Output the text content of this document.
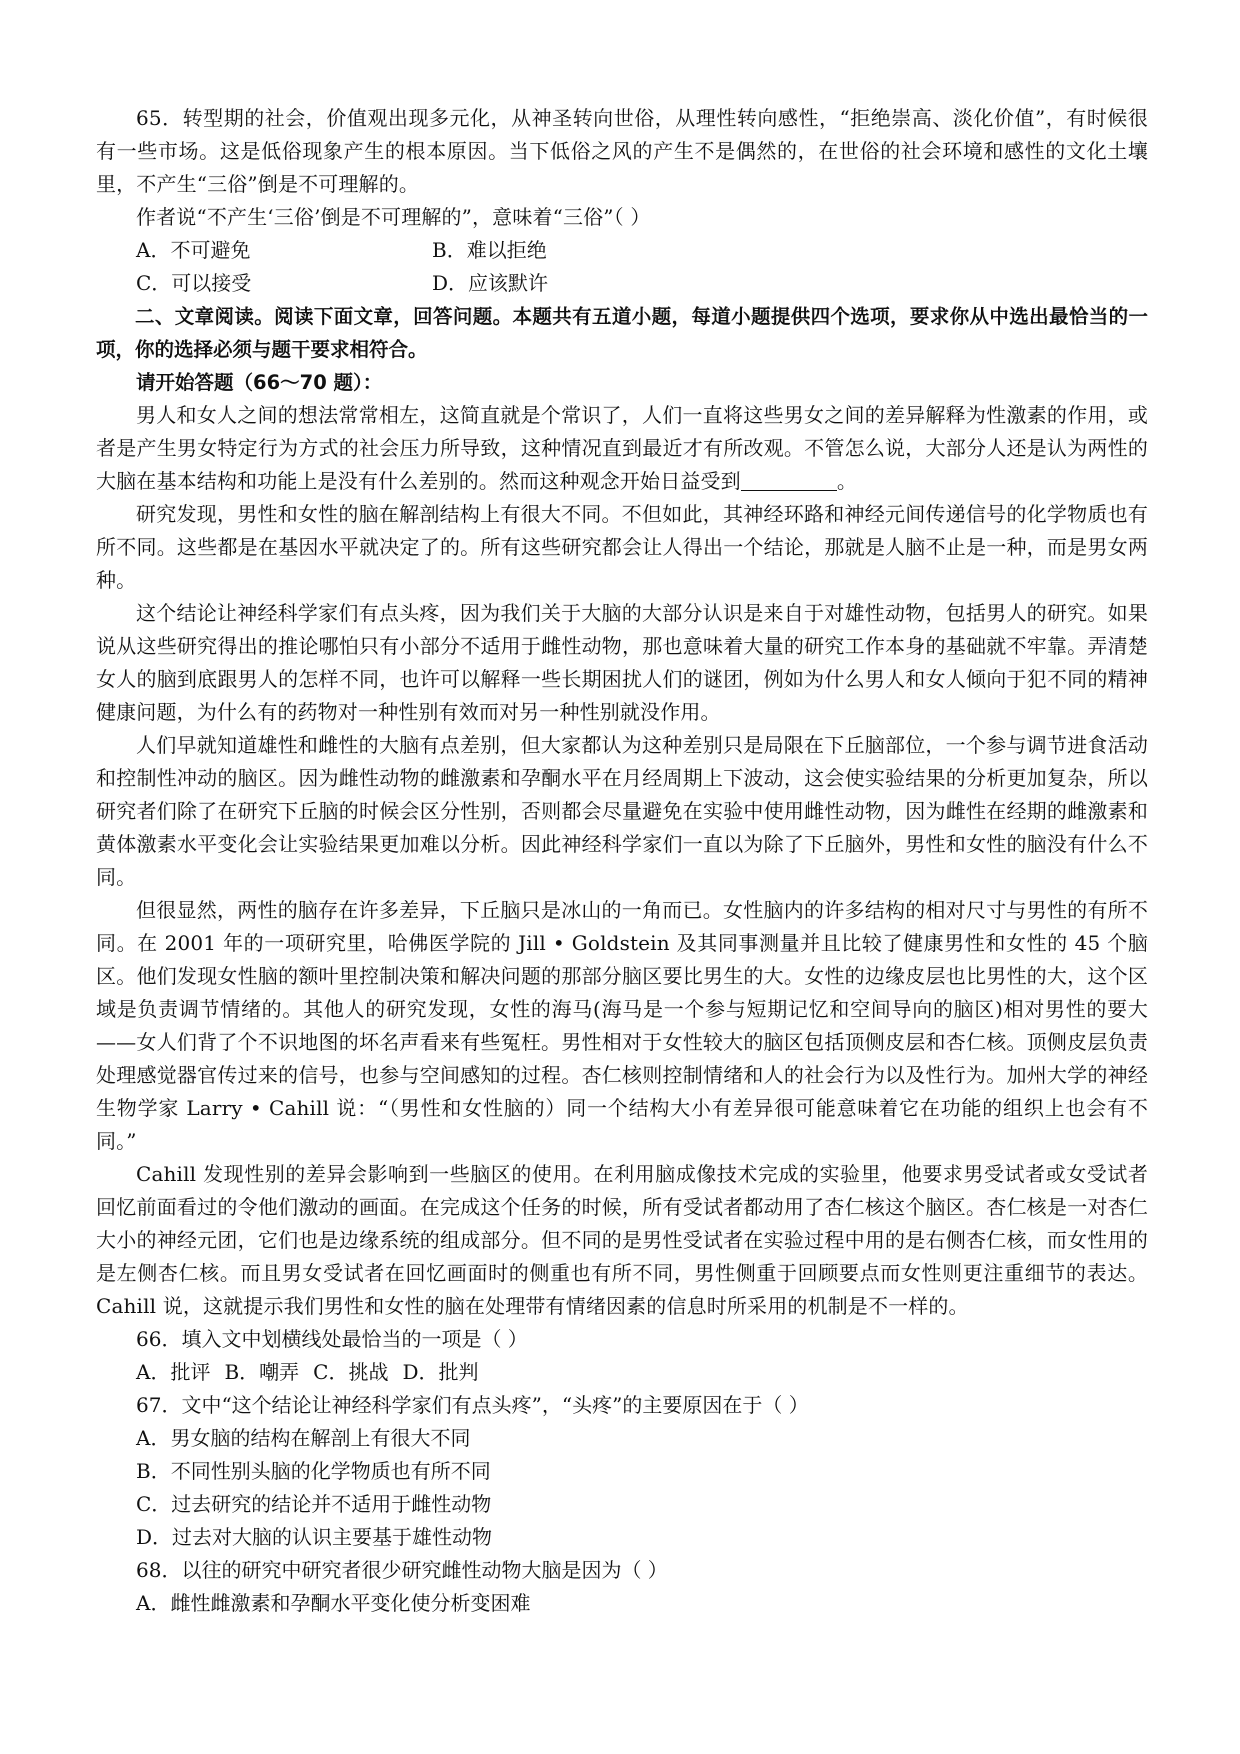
65．转型期的社会，价值观出现多元化，从神圣转向世俗，从理性转向感性，“拒绝崇高、淡化价值”，有时候很有一些市场。这是低俗现象产生的根本原因。当下低俗之风的产生不是偶然的，在世俗的社会环境和感性的文化土壤里，不产生“三俗”倒是不可理解的。

作者说“不产生‘三俗’倒是不可理解的”，意味着“三俗”（ ）

A．不可避免	B．难以拒绝
C．可以接受	D．应该默许

二、文章阅读。阅读下面文章，回答问题。本题共有五道小题，每道小题提供四个选项，要求你从中选出最恰当的一项，你的选择必须与题干要求相符合。

请开始答题（66～70 题）：

男人和女人之间的想法常常相左，这简直就是个常识了，人们一直将这些男女之间的差异解释为性激素的作用，或者是产生男女特定行为方式的社会压力所导致，这种情况直到最近才有所改观。不管怎么说，大部分人还是认为两性的大脑在基本结构和功能上是没有什么差别的。然而这种观念开始日益受到	。

研究发现，男性和女性的脑在解剖结构上有很大不同。不但如此，其神经环路和神经元间传递信号的化学物质也有所不同。这些都是在基因水平就决定了的。所有这些研究都会让人得出一个结论，那就是人脑不止是一种，而是男女两种。

这个结论让神经科学家们有点头疼，因为我们关于大脑的大部分认识是来自于对雄性动物，包括男人的研究。如果说从这些研究得出的推论哪怕只有小部分不适用于雌性动物，那也意味着大量的研究工作本身的基础就不牢靠。弄清楚女人的脑到底跟男人的怎样不同，也许可以解释一些长期困扰人们的谜团，例如为什么男人和女人倾向于犯不同的精神健康问题，为什么有的药物对一种性别有效而对另一种性别就没作用。

人们早就知道雄性和雌性的大脑有点差别，但大家都认为这种差别只是局限在下丘脑部位，一个参与调节进食活动和控制性冲动的脑区。因为雌性动物的雌激素和孕酮水平在月经周期上下波动，这会使实验结果的分析更加复杂，所以研究者们除了在研究下丘脑的时候会区分性别，否则都会尽量避免在实验中使用雌性动物，因为雌性在经期的雌激素和黄体激素水平变化会让实验结果更加难以分析。因此神经科学家们一直以为除了下丘脑外，男性和女性的脑没有什么不同。

但很显然，两性的脑存在许多差异，下丘脑只是冰山的一角而已。女性脑内的许多结构的相对尺寸与男性的有所不同。在 2001 年的一项研究里，哈佛医学院的 Jill • Goldstein 及其同事测量并且比较了健康男性和女性的 45 个脑区。他们发现女性脑的额叶里控制决策和解决问题的那部分脑区要比男生的大。女性的边缘皮层也比男性的大，这个区域是负责调节情绪的。其他人的研究发现，女性的海马(海马是一个参与短期记忆和空间导向的脑区)相对男性的要大——女人们背了个不识地图的坏名声看来有些冤枉。男性相对于女性较大的脑区包括顶侧皮层和杏仁核。顶侧皮层负责处理感觉器官传过来的信号，也参与空间感知的过程。杏仁核则控制情绪和人的社会行为以及性行为。加州大学的神经生物学家 Larry • Cahill 说：“（男性和女性脑的）同一个结构大小有差异很可能意味着它在功能的组织上也会有不同。”

Cahill 发现性别的差异会影响到一些脑区的使用。在利用脑成像技术完成的实验里，他要求男受试者或女受试者回忆前面看过的令他们激动的画面。在完成这个任务的时候，所有受试者都动用了杏仁核这个脑区。杏仁核是一对杏仁大小的神经元团，它们也是边缘系统的组成部分。但不同的是男性受试者在实验过程中用的是右侧杏仁核，而女性用的是左侧杏仁核。而且男女受试者在回忆画面时的侧重也有所不同，男性侧重于回顾要点而女性则更注重细节的表达。Cahill 说，这就提示我们男性和女性的脑在处理带有情绪因素的信息时所采用的机制是不一样的。

66．填入文中划横线处最恰当的一项是（ ）

A．批评 B．嘲弄 C．挑战 D．批判

67．文中“这个结论让神经科学家们有点头疼”，“头疼”的主要原因在于（ ）

A．男女脑的结构在解剖上有很大不同

B．不同性别头脑的化学物质也有所不同

C．过去研究的结论并不适用于雌性动物

D．过去对大脑的认识主要基于雄性动物

68．以往的研究中研究者很少研究雌性动物大脑是因为（ ）

A．雌性雌激素和孕酮水平变化使分析变困难
